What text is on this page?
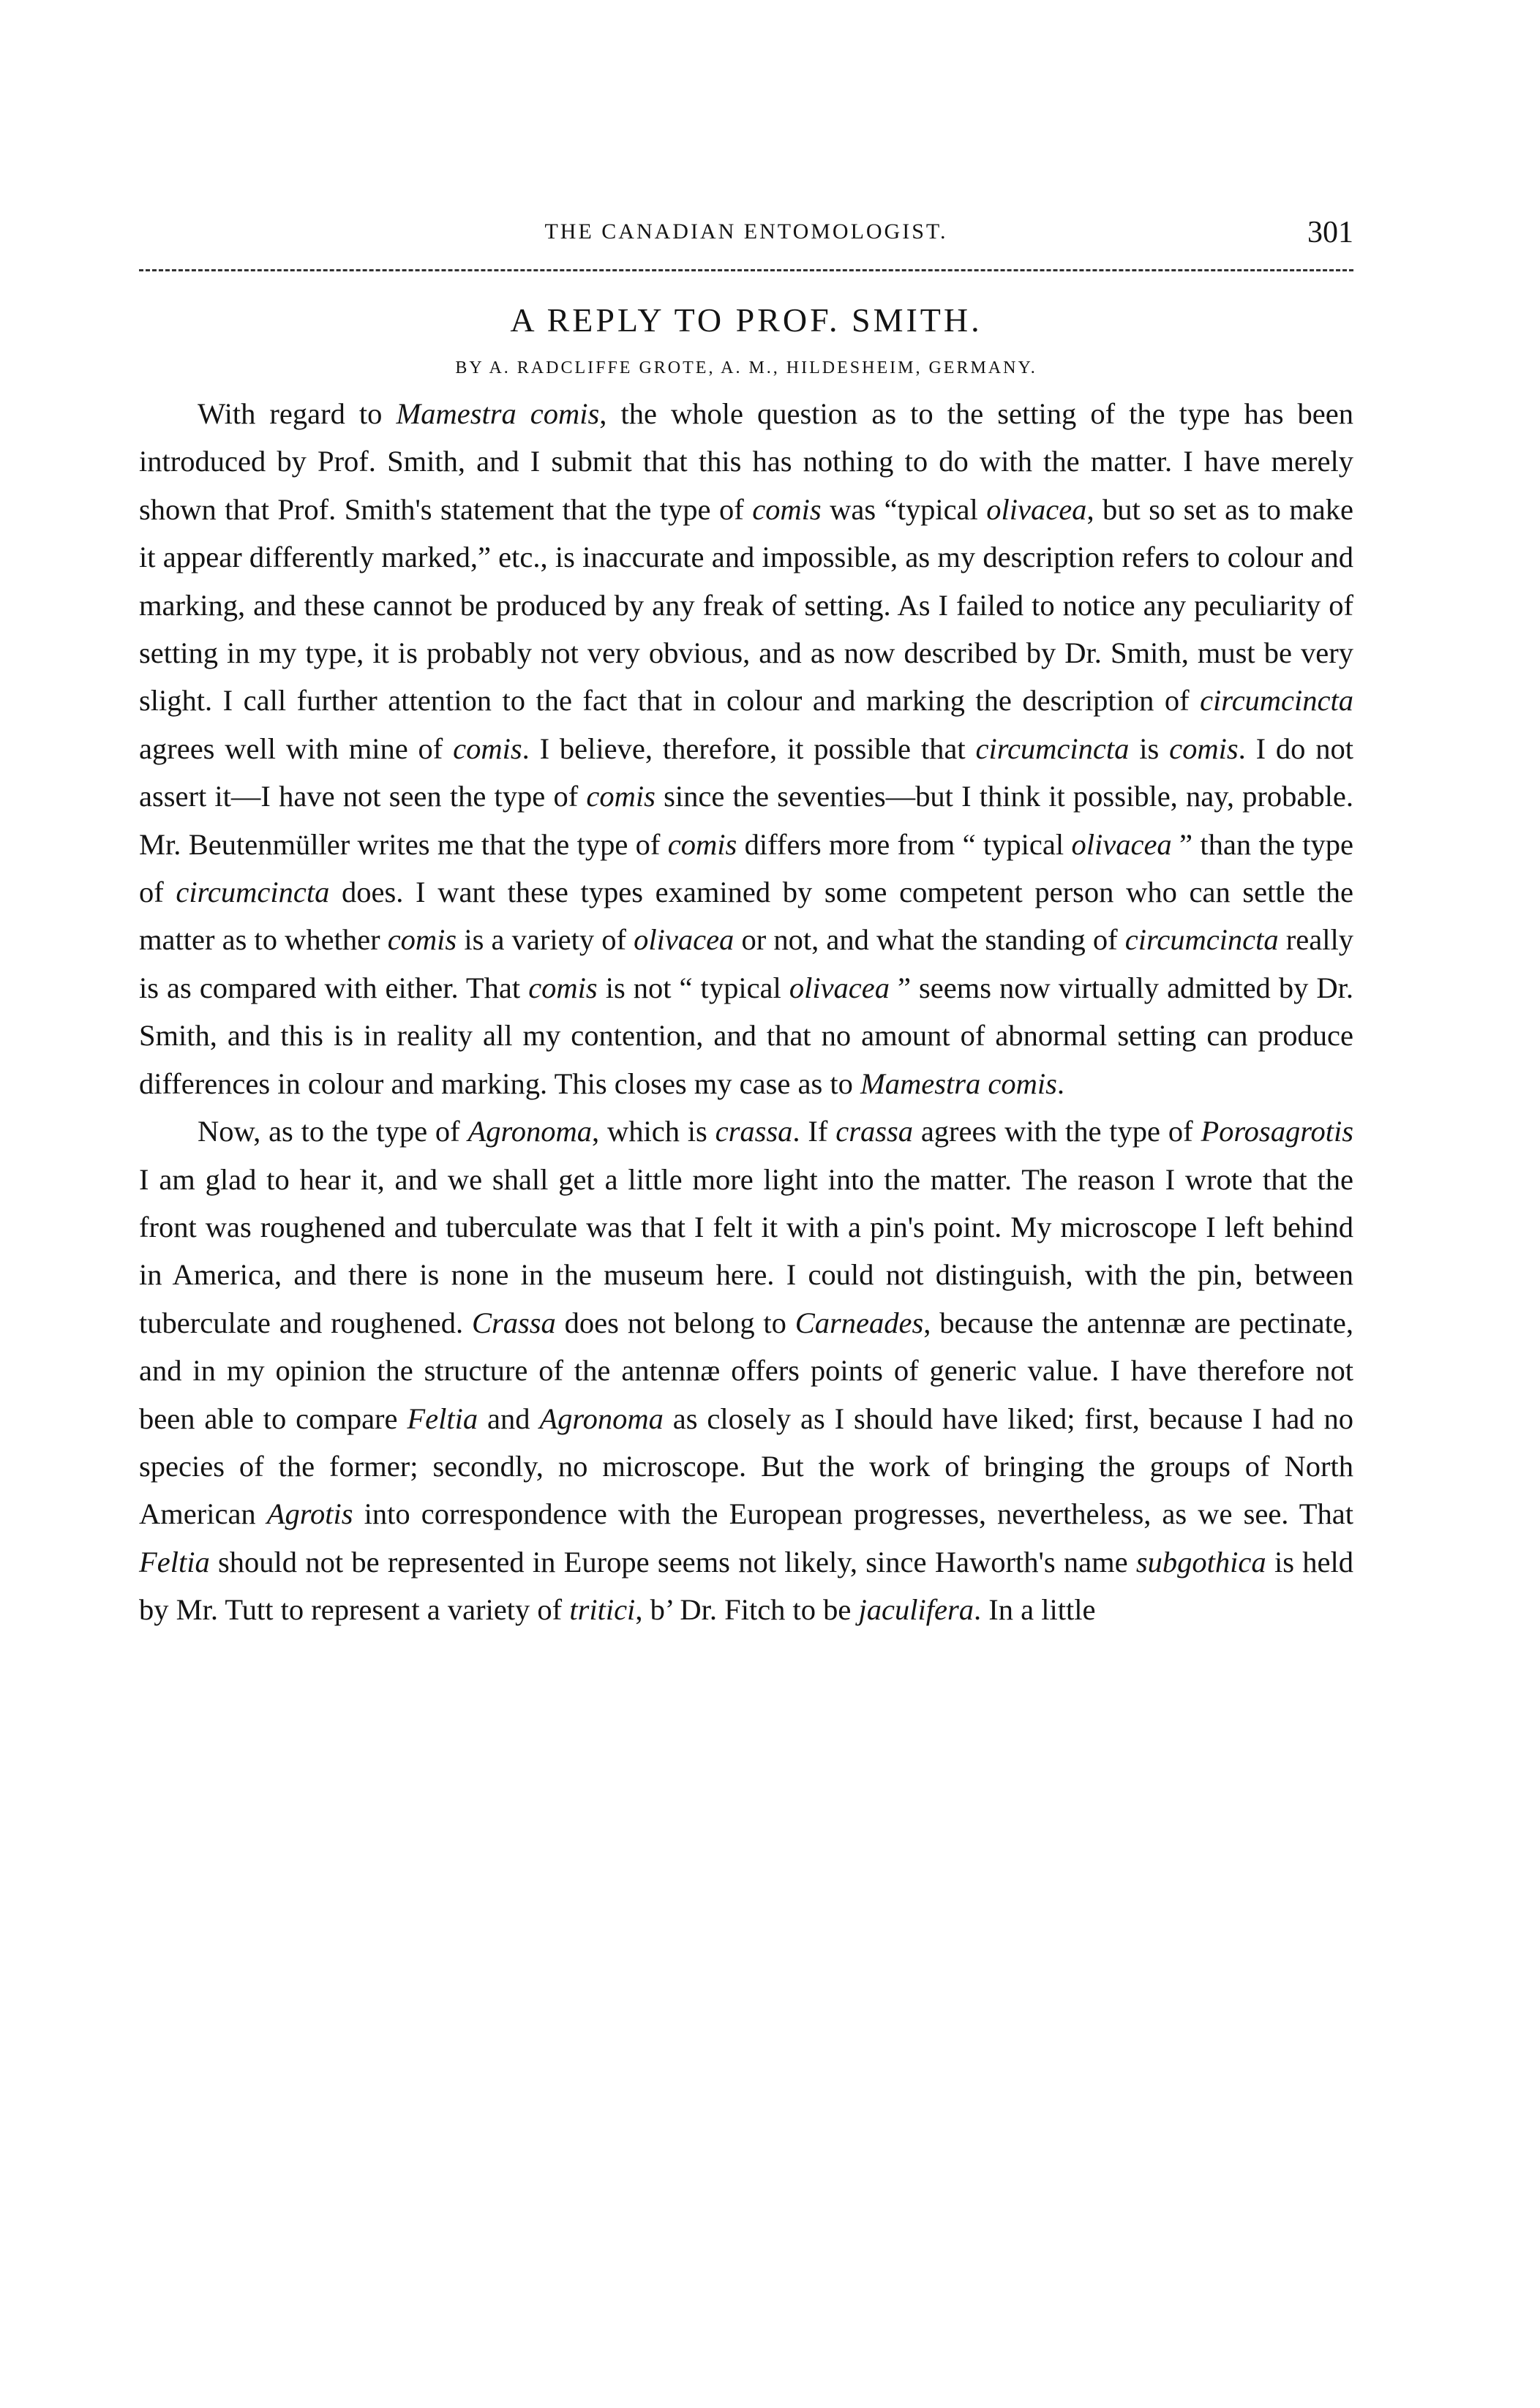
THE CANADIAN ENTOMOLOGIST.	301
A REPLY TO PROF. SMITH.
BY A. RADCLIFFE GROTE, A. M., HILDESHEIM, GERMANY.

With regard to Mamestra comis, the whole question as to the setting of the type has been introduced by Prof. Smith, and I submit that this has nothing to do with the matter. I have merely shown that Prof. Smith's statement that the type of comis was “typical olivacea, but so set as to make it appear differently marked,” etc., is inaccurate and impossible, as my description refers to colour and marking, and these cannot be produced by any freak of setting. As I failed to notice any peculiarity of setting in my type, it is probably not very obvious, and as now described by Dr. Smith, must be very slight. I call further attention to the fact that in colour and marking the description of circumcincta agrees well with mine of comis. I believe, therefore, it possible that circumcincta is comis. I do not assert it—I have not seen the type of comis since the seventies—but I think it possible, nay, probable. Mr. Beutenmüller writes me that the type of comis differs more from “ typical olivacea ” than the type of circumcincta does. I want these types examined by some competent person who can settle the matter as to whether comis is a variety of olivacea or not, and what the standing of circumcincta really is as compared with either. That comis is not “ typical olivacea ” seems now virtually admitted by Dr. Smith, and this is in reality all my contention, and that no amount of abnormal setting can produce differences in colour and marking. This closes my case as to Mamestra comis.

Now, as to the type of Agronoma, which is crassa. If crassa agrees with the type of Porosagrotis I am glad to hear it, and we shall get a little more light into the matter. The reason I wrote that the front was roughened and tuberculate was that I felt it with a pin's point. My microscope I left behind in America, and there is none in the museum here. I could not distinguish, with the pin, between tuberculate and roughened. Crassa does not belong to Carneades, because the antennæ are pectinate, and in my opinion the structure of the antennæ offers points of generic value. I have therefore not been able to compare Feltia and Agronoma as closely as I should have liked; first, because I had no species of the former; secondly, no microscope. But the work of bringing the groups of North American Agrotis into correspondence with the European progresses, nevertheless, as we see. That Feltia should not be represented in Europe seems not likely, since Haworth's name subgothica is held by Mr. Tutt to represent a variety of tritici, b’ Dr. Fitch to be jaculifera. In a little
